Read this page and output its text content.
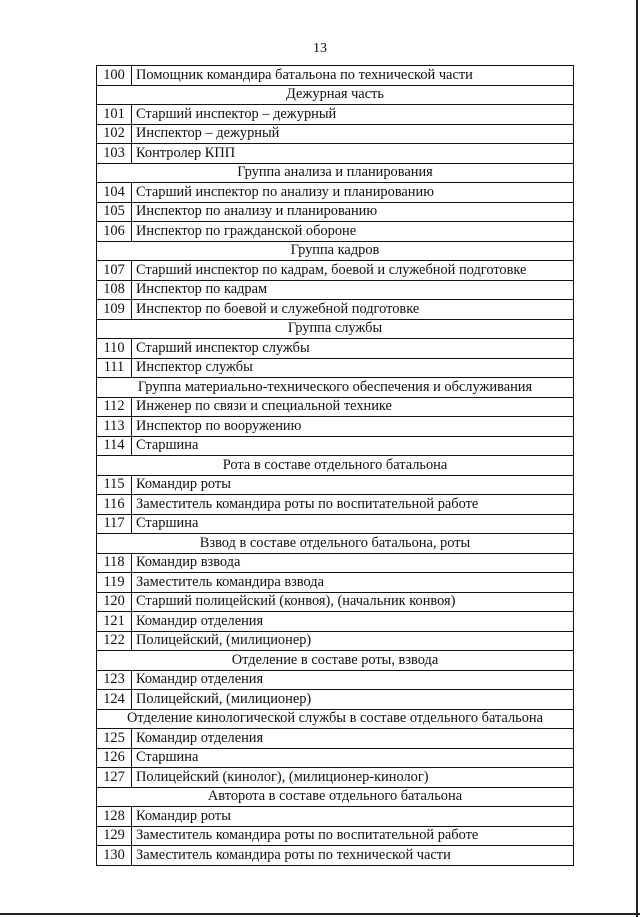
13
100	Помощник командира батальона по технической части
Дежурная часть	
101	Старший инспектор – дежурный
102	Инспектор – дежурный
103	Контролер КПП
Группа анализа и планирования	
104	Старший инспектор по анализу и планированию
105	Инспектор по анализу и планированию
106	Инспектор по гражданской обороне
Группа кадров	
107	Старший инспектор по кадрам, боевой и служебной подготовке
108	Инспектор по кадрам
109	Инспектор по боевой и служебной подготовке
Группа службы	
110	Старший инспектор службы
111	Инспектор службы
Группа материально-технического обеспечения и обслуживания	
112	Инженер по связи и специальной технике
113	Инспектор по вооружению
114	Старшина
Рота в составе отдельного батальона	
115	Командир роты
116	Заместитель командира роты по воспитательной работе
117	Старшина
Взвод в составе отдельного батальона, роты	
118	Командир взвода
119	Заместитель командира взвода
120	Старший полицейский (конвоя), (начальник конвоя)
121	Командир отделения
122	Полицейский, (милиционер)
Отделение в составе роты, взвода	
123	Командир отделения
124	Полицейский, (милиционер)
Отделение кинологической службы в составе отдельного батальона	
125	Командир отделения
126	Старшина
127	Полицейский (кинолог), (милиционер-кинолог)
Авторота в составе отдельного батальона	
128	Командир роты
129	Заместитель командира роты по воспитательной работе
130	Заместитель командира роты по технической части
